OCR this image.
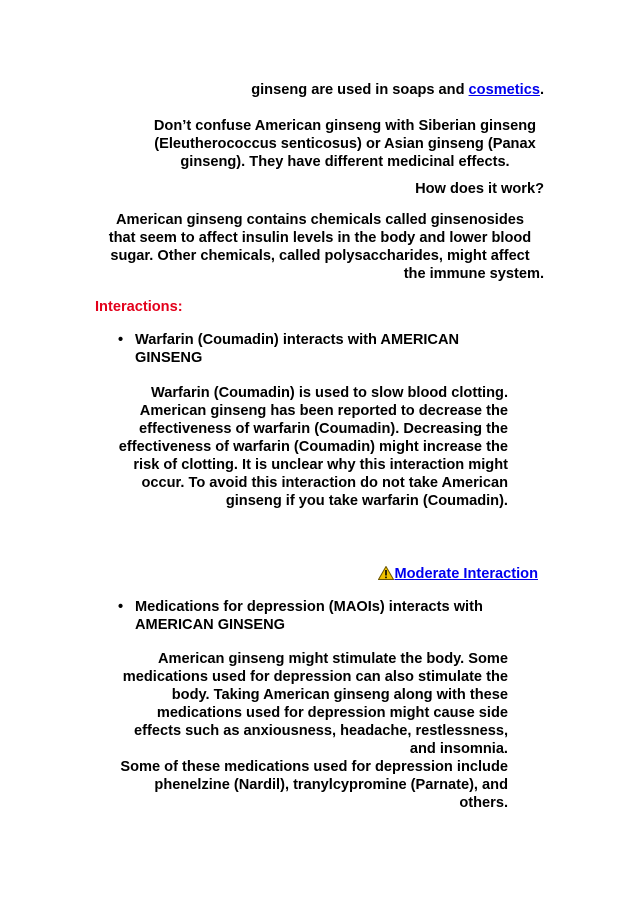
ginseng are used in soaps and cosmetics.

Don’t confuse American ginseng with Siberian ginseng
(Eleutherococcus senticosus) or Asian ginseng (Panax
ginseng). They have different medicinal effects.
How does it work?
American ginseng contains chemicals called ginsenosides
that seem to affect insulin levels in the body and lower blood
sugar. Other chemicals, called polysaccharides, might affect
the immune system.
Interactions:
• Warfarin (Coumadin) interacts with AMERICAN
GINSENG
Warfarin (Coumadin) is used to slow blood clotting.
American ginseng has been reported to decrease the
effectiveness of warfarin (Coumadin). Decreasing the
effectiveness of warfarin (Coumadin) might increase the
risk of clotting. It is unclear why this interaction might
occur. To avoid this interaction do not take American
ginseng if you take warfarin (Coumadin).
Moderate Interaction
• Medications for depression (MAOIs) interacts with
AMERICAN GINSENG
American ginseng might stimulate the body. Some
medications used for depression can also stimulate the
body. Taking American ginseng along with these
medications used for depression might cause side
effects such as anxiousness, headache, restlessness,
and insomnia.
Some of these medications used for depression include
phenelzine (Nardil), tranylcypromine (Parnate), and
others.
